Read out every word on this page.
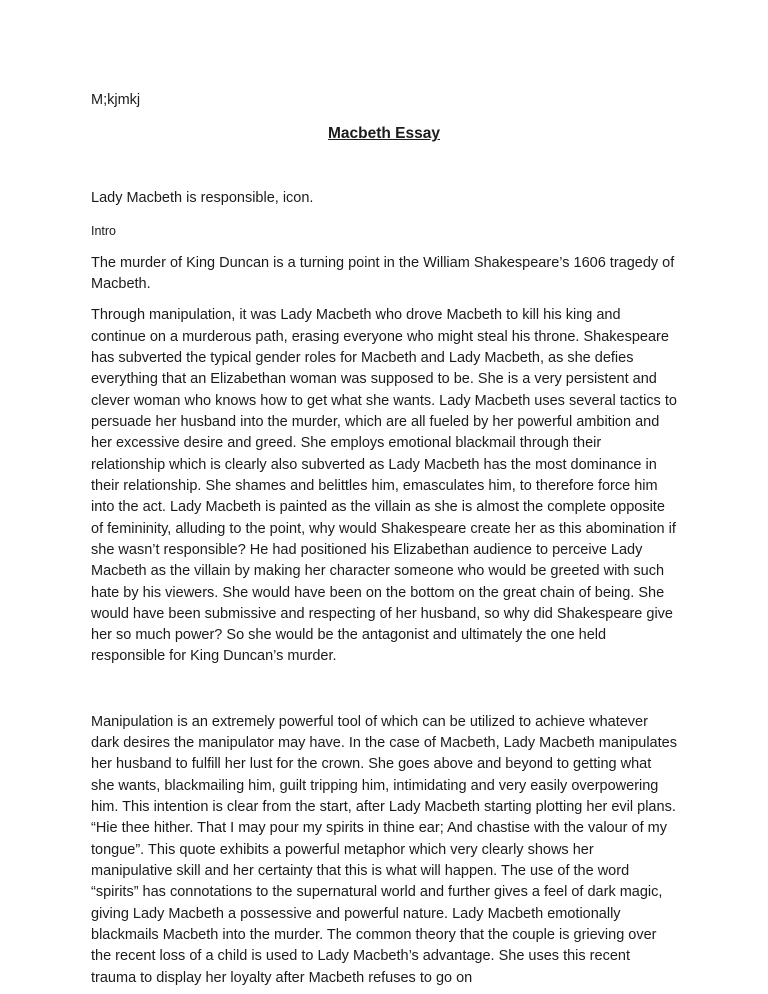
M;kjmkj

Macbeth Essay

Lady Macbeth is responsible, icon.

Intro

The murder of King Duncan is a turning point in the William Shakespeare’s 1606 tragedy of Macbeth.

Through manipulation, it was Lady Macbeth who drove Macbeth to kill his king and continue on a murderous path, erasing everyone who might steal his throne. Shakespeare has subverted the typical gender roles for Macbeth and Lady Macbeth, as she defies everything that an Elizabethan woman was supposed to be. She is a very persistent and clever woman who knows how to get what she wants. Lady Macbeth uses several tactics to persuade her husband into the murder, which are all fueled by her powerful ambition and her excessive desire and greed. She employs emotional blackmail through their relationship which is clearly also subverted as Lady Macbeth has the most dominance in their relationship. She shames and belittles him, emasculates him, to therefore force him into the act. Lady Macbeth is painted as the villain as she is almost the complete opposite of femininity, alluding to the point, why would Shakespeare create her as this abomination if she wasn’t responsible? He had positioned his Elizabethan audience to perceive Lady Macbeth as the villain by making her character someone who would be greeted with such hate by his viewers. She would have been on the bottom on the great chain of being. She would have been submissive and respecting of her husband, so why did Shakespeare give her so much power? So she would be the antagonist and ultimately the one held responsible for King Duncan’s murder.

Manipulation is an extremely powerful tool of which can be utilized to achieve whatever dark desires the manipulator may have. In the case of Macbeth, Lady Macbeth manipulates her husband to fulfill her lust for the crown. She goes above and beyond to getting what she wants, blackmailing him, guilt tripping him, intimidating and very easily overpowering him. This intention is clear from the start, after Lady Macbeth starting plotting her evil plans. “Hie thee hither. That I may pour my spirits in thine ear; And chastise with the valour of my tongue”. This quote exhibits a powerful metaphor which very clearly shows her manipulative skill and her certainty that this is what will happen. The use of the word “spirits” has connotations to the supernatural world and further gives a feel of dark magic, giving Lady Macbeth a possessive and powerful nature. Lady Macbeth emotionally blackmails Macbeth into the murder. The common theory that the couple is grieving over the recent loss of a child is used to Lady Macbeth’s advantage. She uses this recent trauma to display her loyalty after Macbeth refuses to go on
